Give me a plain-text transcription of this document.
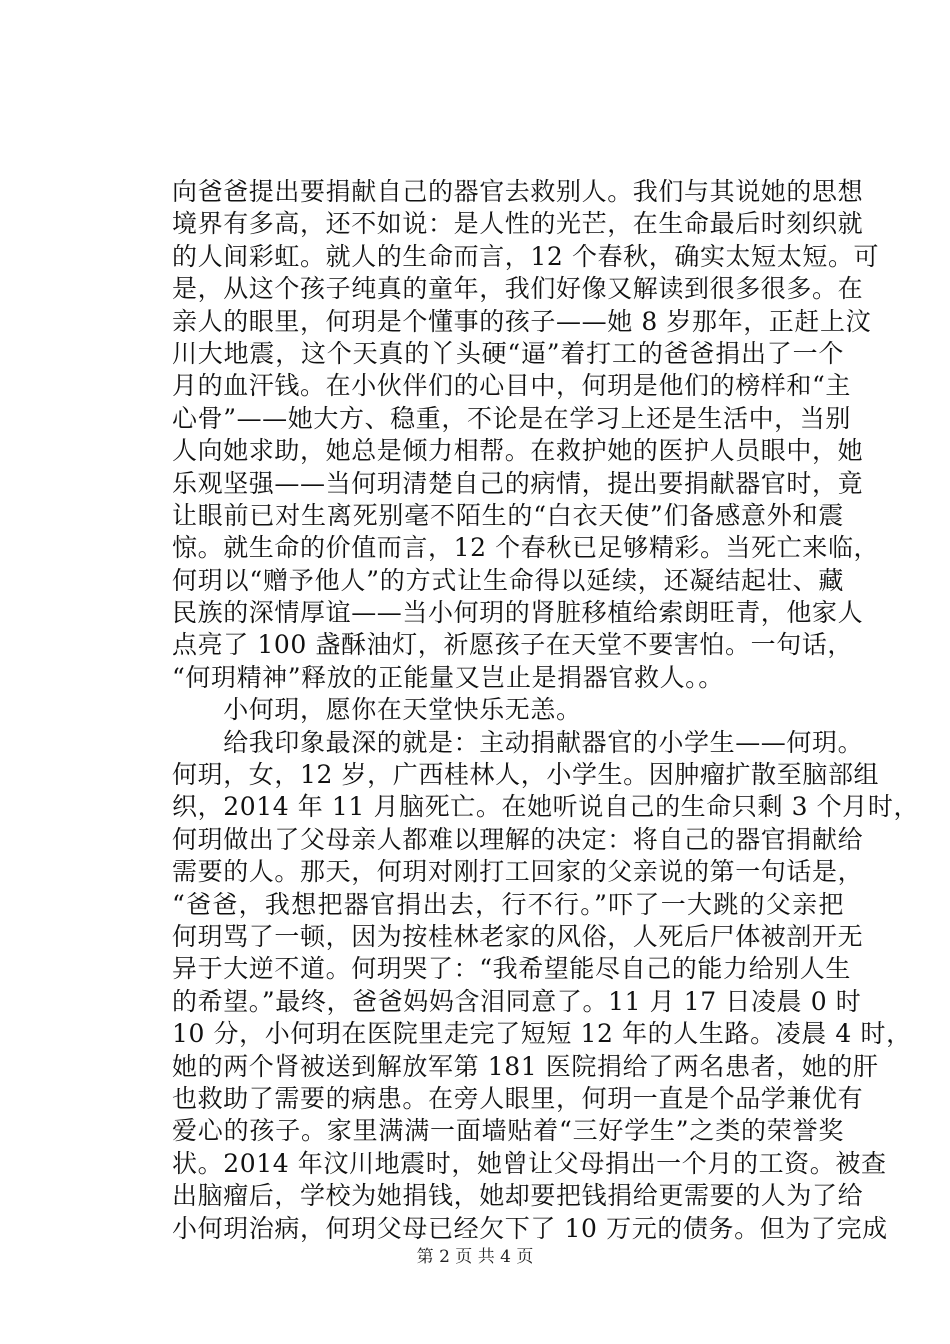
向爸爸提出要捐献自己的器官去救别人。我们与其说她的思想
境界有多高，还不如说：是人性的光芒，在生命最后时刻织就
的人间彩虹。就人的生命而言，12 个春秋，确实太短太短。可
是，从这个孩子纯真的童年，我们好像又解读到很多很多。在
亲人的眼里，何玥是个懂事的孩子——她 8 岁那年，正赶上汶
川大地震，这个天真的丫头硬“逼”着打工的爸爸捐出了一个
月的血汗钱。在小伙伴们的心目中，何玥是他们的榜样和“主
心骨”——她大方、稳重，不论是在学习上还是生活中，当别
人向她求助，她总是倾力相帮。在救护她的医护人员眼中，她
乐观坚强——当何玥清楚自己的病情，提出要捐献器官时，竟
让眼前已对生离死别毫不陌生的“白衣天使”们备感意外和震
惊。就生命的价值而言，12 个春秋已足够精彩。当死亡来临，
何玥以“赠予他人”的方式让生命得以延续，还凝结起壮、藏
民族的深情厚谊——当小何玥的肾脏移植给索朗旺青，他家人
点亮了 100 盏酥油灯，祈愿孩子在天堂不要害怕。一句话，
“何玥精神”释放的正能量又岂止是捐器官救人。。
　　小何玥，愿你在天堂快乐无恙。
　　给我印象最深的就是：主动捐献器官的小学生——何玥。
何玥，女，12 岁，广西桂林人，小学生。因肿瘤扩散至脑部组
织，2014 年 11 月脑死亡。在她听说自己的生命只剩 3 个月时，
何玥做出了父母亲人都难以理解的决定：将自己的器官捐献给
需要的人。那天，何玥对刚打工回家的父亲说的第一句话是，
“爸爸，我想把器官捐出去，行不行。”吓了一大跳的父亲把
何玥骂了一顿，因为按桂林老家的风俗，人死后尸体被剖开无
异于大逆不道。何玥哭了：“我希望能尽自己的能力给别人生
的希望。”最终，爸爸妈妈含泪同意了。11 月 17 日凌晨 0 时
10 分，小何玥在医院里走完了短短 12 年的人生路。凌晨 4 时，
她的两个肾被送到解放军第 181 医院捐给了两名患者，她的肝
也救助了需要的病患。在旁人眼里，何玥一直是个品学兼优有
爱心的孩子。家里满满一面墙贴着“三好学生”之类的荣誉奖
状。2014 年汶川地震时，她曾让父母捐出一个月的工资。被查
出脑瘤后，学校为她捐钱，她却要把钱捐给更需要的人为了给
小何玥治病，何玥父母已经欠下了 10 万元的债务。但为了完成
第 2 页 共 4 页
